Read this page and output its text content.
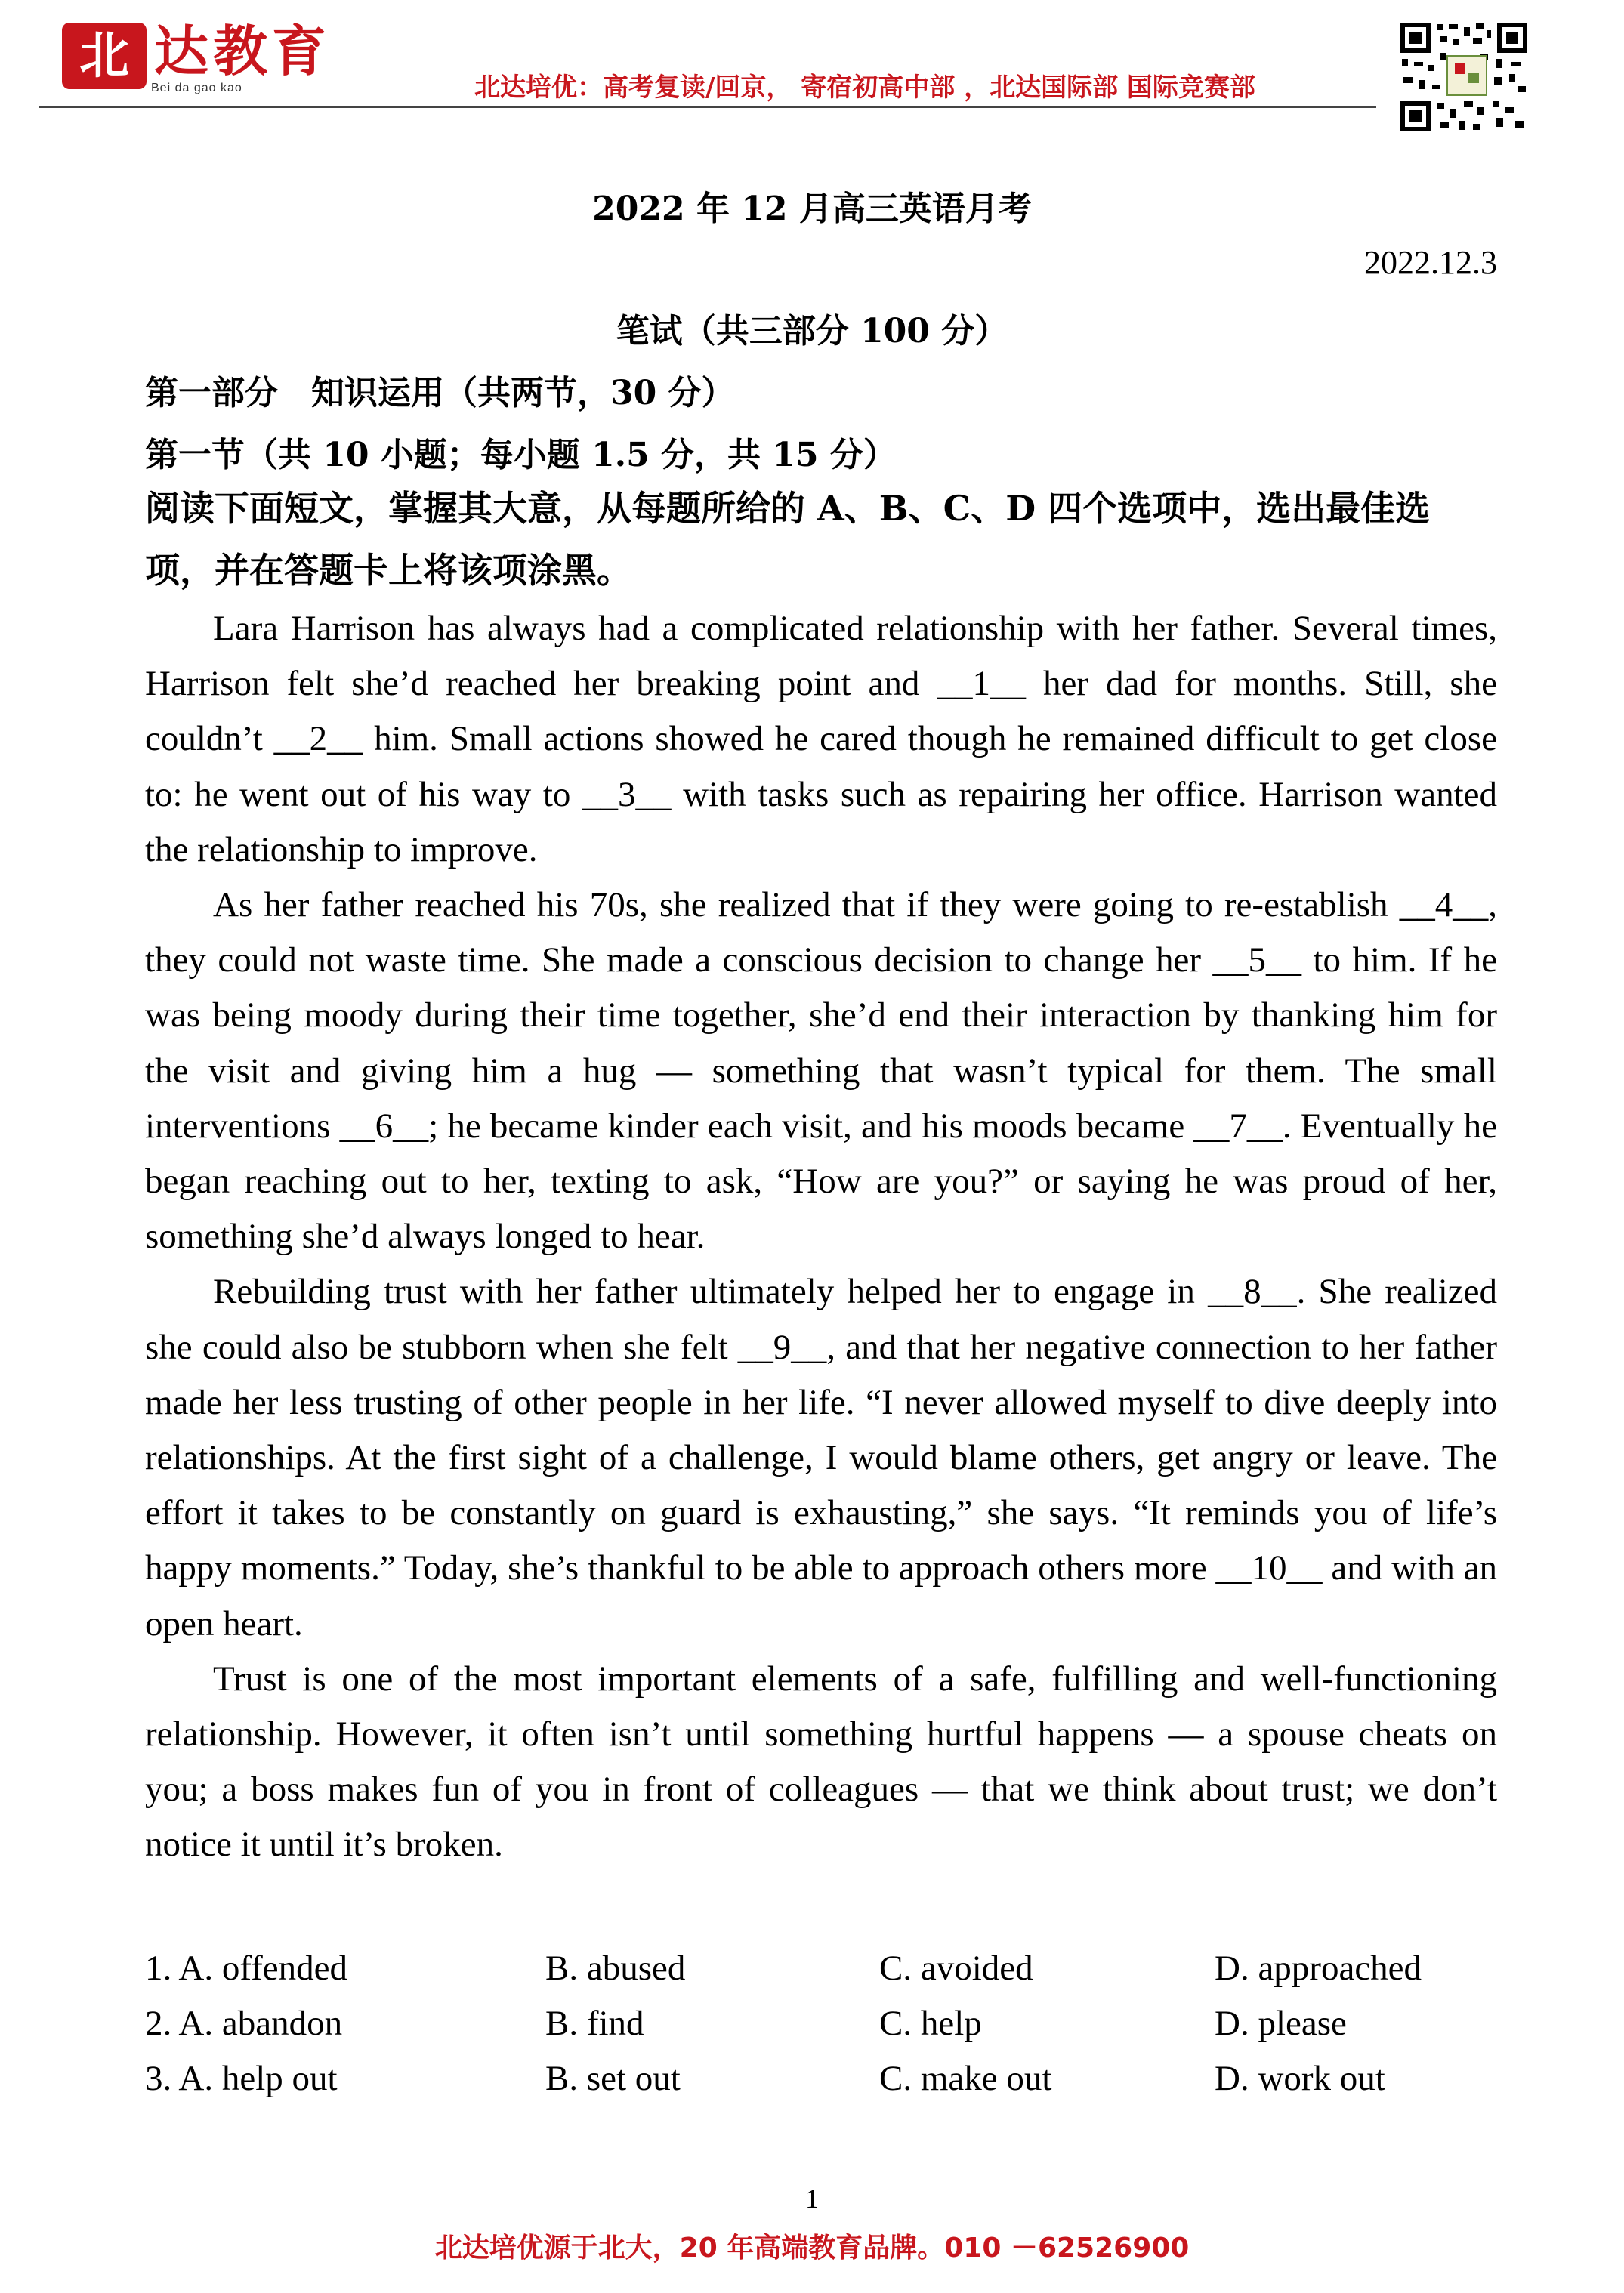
北 达教育
Bei da gao kao	北达培优：高考复读/回京， 寄宿初高中部 ，北达国际部 国际竞赛部
2022 年 12 月高三英语月考
2022.12.3
笔试（共三部分 100 分）
第一部分　知识运用（共两节，30 分）
第一节（共 10 小题；每小题 1.5 分，共 15 分）
阅读下面短文，掌握其大意，从每题所给的 A、B、C、D 四个选项中，选出最佳选项，并在答题卡上将该项涂黑。

Lara Harrison has always had a complicated relationship with her father. Several times, Harrison felt she’d reached her breaking point and __1__ her dad for months. Still, she couldn’t __2__ him. Small actions showed he cared though he remained difficult to get close to: he went out of his way to __3__ with tasks such as repairing her office. Harrison wanted the relationship to improve.

As her father reached his 70s, she realized that if they were going to re-establish __4__, they could not waste time. She made a conscious decision to change her __5__ to him. If he was being moody during their time together, she’d end their interaction by thanking him for the visit and giving him a hug — something that wasn’t typical for them. The small interventions __6__; he became kinder each visit, and his moods became __7__. Eventually he began reaching out to her, texting to ask, “How are you?” or saying he was proud of her, something she’d always longed to hear.

Rebuilding trust with her father ultimately helped her to engage in __8__. She realized she could also be stubborn when she felt __9__, and that her negative connection to her father made her less trusting of other people in her life. “I never allowed myself to dive deeply into relationships. At the first sight of a challenge, I would blame others, get angry or leave. The effort it takes to be constantly on guard is exhausting,” she says. “It reminds you of life’s happy moments.” Today, she’s thankful to be able to approach others more __10__ and with an open heart.

Trust is one of the most important elements of a safe, fulfilling and well-functioning relationship. However, it often isn’t until something hurtful happens — a spouse cheats on you; a boss makes fun of you in front of colleagues — that we think about trust; we don’t notice it until it’s broken.

1. A. offended	B. abused	C. avoided	D. approached
2. A. abandon	B. find	C. help	D. please
3. A. help out	B. set out	C. make out	D. work out
1
北达培优源于北大，20 年高端教育品牌。010 －62526900
